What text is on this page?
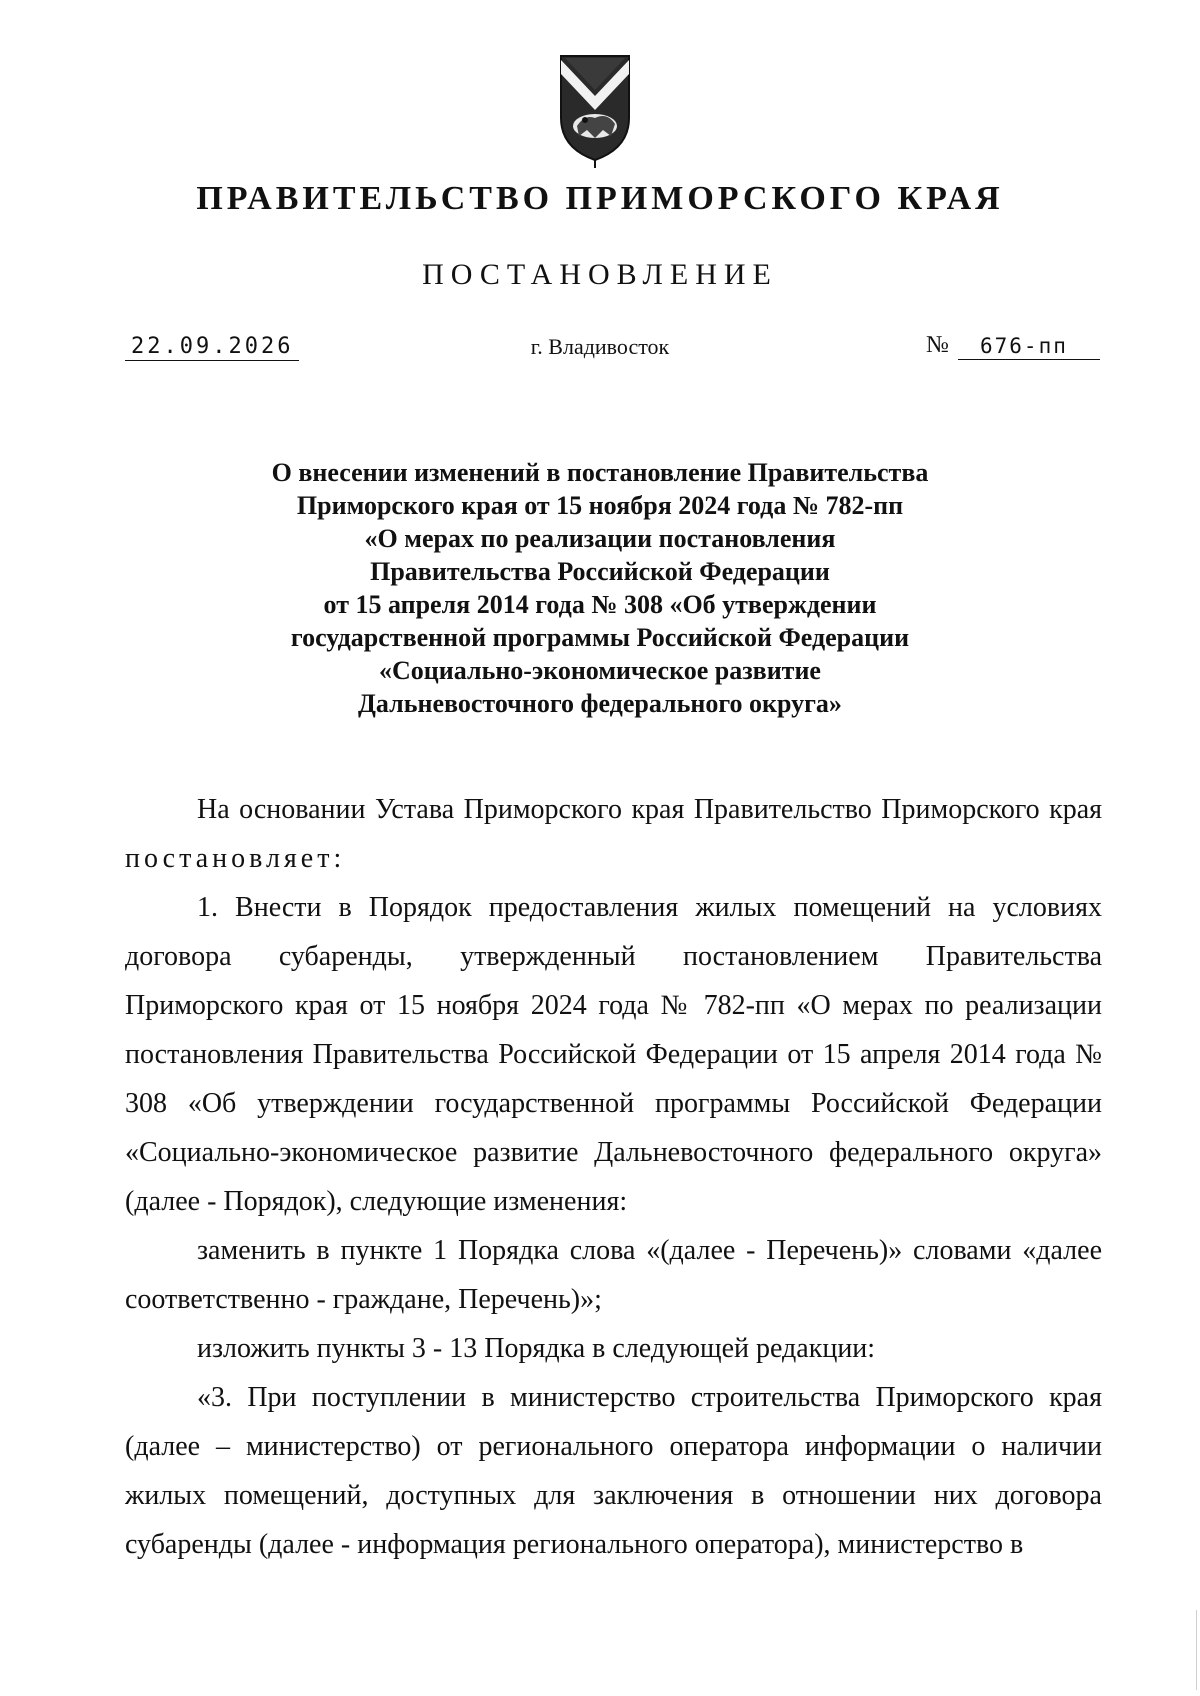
ПРАВИТЕЛЬСТВО ПРИМОРСКОГО КРАЯ
ПОСТАНОВЛЕНИЕ
22.09.2026	г. Владивосток	№	676-пп
О внесении изменений в постановление Правительства
Приморского края от 15 ноября 2024 года № 782-пп
«О мерах по реализации постановления
Правительства Российской Федерации
от 15 апреля 2014 года № 308 «Об утверждении
государственной программы Российской Федерации
«Социально-экономическое развитие
Дальневосточного федерального округа»

На основании Устава Приморского края Правительство Приморского края постановляет:

1. Внести в Порядок предоставления жилых помещений на условиях договора субаренды, утвержденный постановлением Правительства Приморского края от 15 ноября 2024 года № 782-пп «О мерах по реализации постановления Правительства Российской Федерации от 15 апреля 2014 года № 308 «Об утверждении государственной программы Российской Федерации «Социально-экономическое развитие Дальневосточного федерального округа» (далее - Порядок), следующие изменения:

заменить в пункте 1 Порядка слова «(далее - Перечень)» словами «далее соответственно - граждане, Перечень)»;

изложить пункты 3 - 13 Порядка в следующей редакции:

«3. При поступлении в министерство строительства Приморского края (далее – министерство) от регионального оператора информации о наличии жилых помещений, доступных для заключения в отношении них договора субаренды (далее - информация регионального оператора), министерство в
